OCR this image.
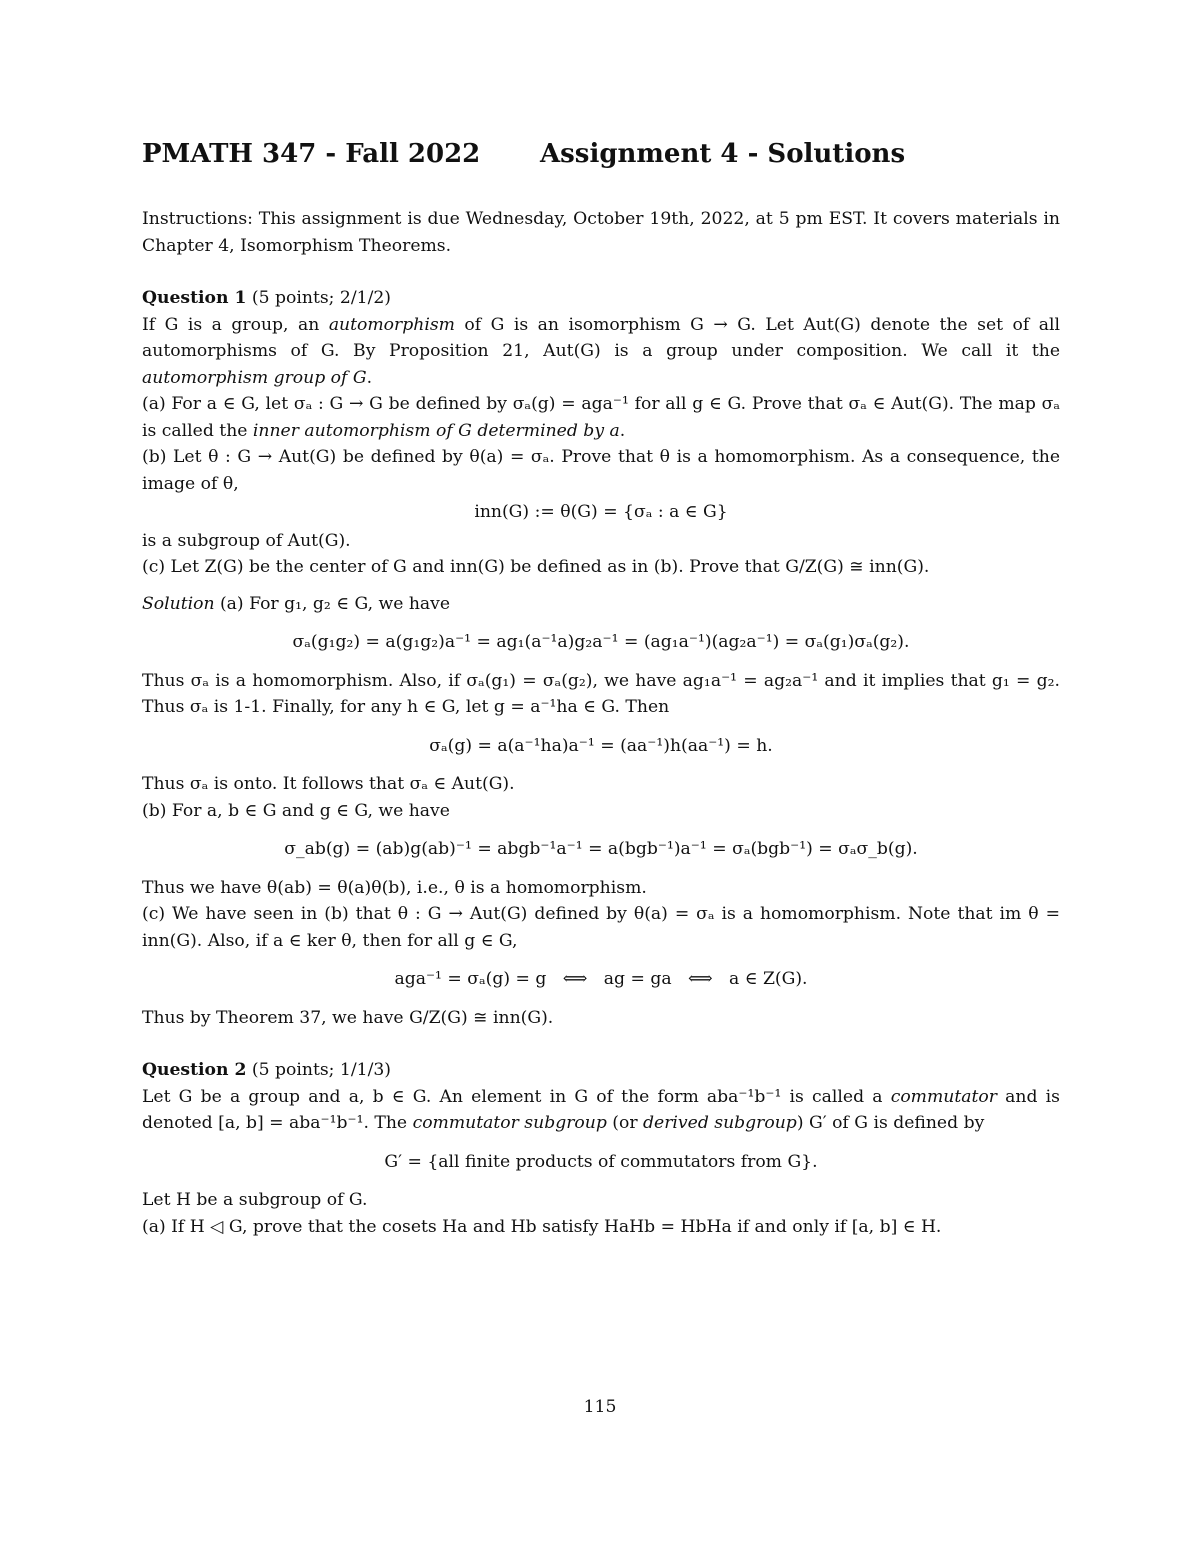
PMATH 347 - Fall 2022	Assignment 4 - Solutions

Instructions: This assignment is due Wednesday, October 19th, 2022, at 5 pm EST. It covers materials in Chapter 4, Isomorphism Theorems.

Question 1 (5 points; 2/1/2)

If G is a group, an automorphism of G is an isomorphism G → G. Let Aut(G) denote the set of all automorphisms of G. By Proposition 21, Aut(G) is a group under composition. We call it the automorphism group of G.

(a) For a ∈ G, let σₐ : G → G be defined by σₐ(g) = aga⁻¹ for all g ∈ G. Prove that σₐ ∈ Aut(G). The map σₐ is called the inner automorphism of G determined by a.

(b) Let θ : G → Aut(G) be defined by θ(a) = σₐ. Prove that θ is a homomorphism. As a consequence, the image of θ,

inn(G) := θ(G) = {σₐ : a ∈ G}

is a subgroup of Aut(G).

(c) Let Z(G) be the center of G and inn(G) be defined as in (b). Prove that G/Z(G) ≅ inn(G).

Solution (a) For g₁, g₂ ∈ G, we have

σₐ(g₁g₂) = a(g₁g₂)a⁻¹ = ag₁(a⁻¹a)g₂a⁻¹ = (ag₁a⁻¹)(ag₂a⁻¹) = σₐ(g₁)σₐ(g₂).

Thus σₐ is a homomorphism. Also, if σₐ(g₁) = σₐ(g₂), we have ag₁a⁻¹ = ag₂a⁻¹ and it implies that g₁ = g₂. Thus σₐ is 1-1. Finally, for any h ∈ G, let g = a⁻¹ha ∈ G. Then

σₐ(g) = a(a⁻¹ha)a⁻¹ = (aa⁻¹)h(aa⁻¹) = h.

Thus σₐ is onto. It follows that σₐ ∈ Aut(G).

(b) For a, b ∈ G and g ∈ G, we have

σ_ab(g) = (ab)g(ab)⁻¹ = abgb⁻¹a⁻¹ = a(bgb⁻¹)a⁻¹ = σₐ(bgb⁻¹) = σₐσ_b(g).

Thus we have θ(ab) = θ(a)θ(b), i.e., θ is a homomorphism.

(c) We have seen in (b) that θ : G → Aut(G) defined by θ(a) = σₐ is a homomorphism. Note that im θ = inn(G). Also, if a ∈ ker θ, then for all g ∈ G,

aga⁻¹ = σₐ(g) = g   ⟺   ag = ga   ⟺   a ∈ Z(G).

Thus by Theorem 37, we have G/Z(G) ≅ inn(G).

Question 2 (5 points; 1/1/3)

Let G be a group and a, b ∈ G. An element in G of the form aba⁻¹b⁻¹ is called a commutator and is denoted [a, b] = aba⁻¹b⁻¹. The commutator subgroup (or derived subgroup) G′ of G is defined by

G′ = {all finite products of commutators from G}.

Let H be a subgroup of G.

(a) If H ◁ G, prove that the cosets Ha and Hb satisfy HaHb = HbHa if and only if [a, b] ∈ H.

115
